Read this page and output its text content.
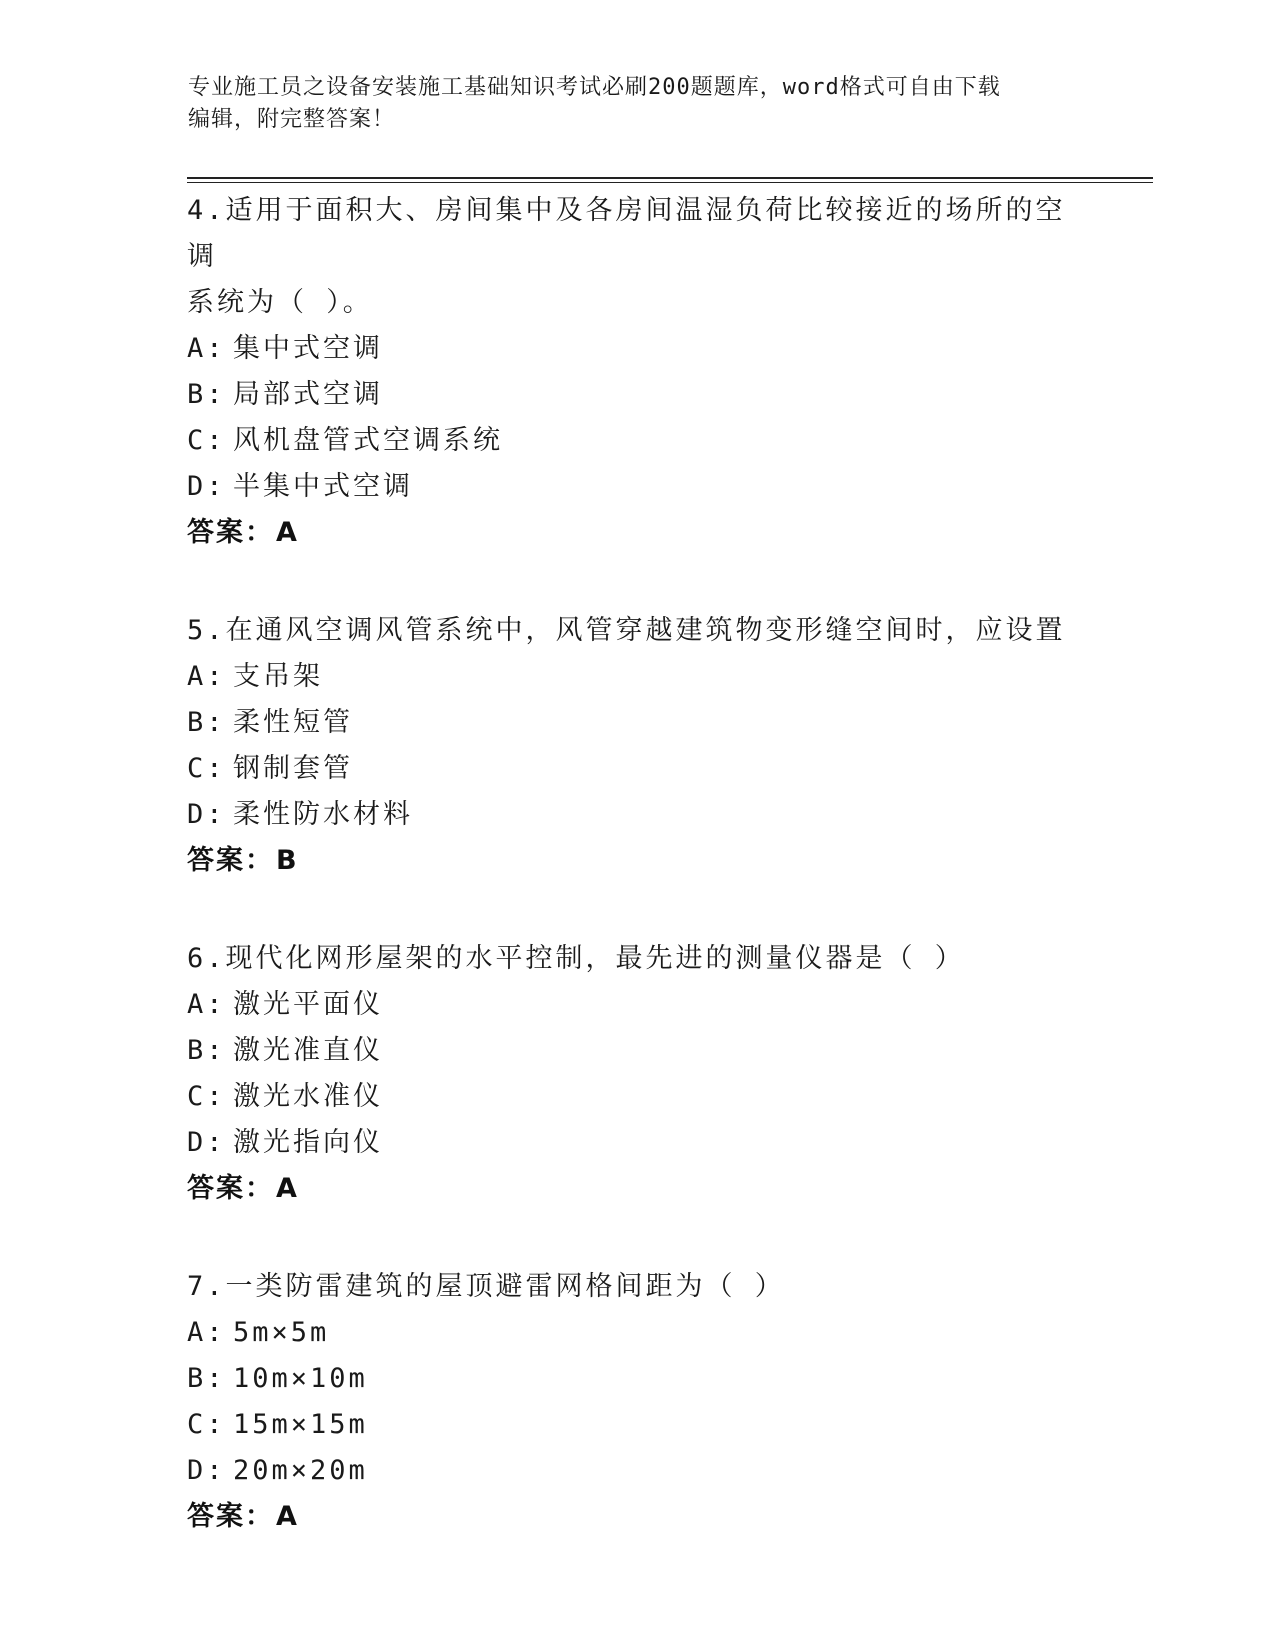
专业施工员之设备安装施工基础知识考试必刷200题题库，word格式可自由下载
编辑，附完整答案！
4.适用于面积大、房间集中及各房间温湿负荷比较接近的场所的空调
系统为（ ）。
A: 集中式空调
B: 局部式空调
C: 风机盘管式空调系统
D: 半集中式空调
答案： A
5.在通风空调风管系统中，风管穿越建筑物变形缝空间时，应设置
A: 支吊架
B: 柔性短管
C: 钢制套管
D: 柔性防水材料
答案： B
6.现代化网形屋架的水平控制，最先进的测量仪器是（ ）
A: 激光平面仪
B: 激光准直仪
C: 激光水准仪
D: 激光指向仪
答案： A
7.一类防雷建筑的屋顶避雷网格间距为（ ）
A: 5m×5m
B: 10m×10m
C: 15m×15m
D: 20m×20m
答案： A
